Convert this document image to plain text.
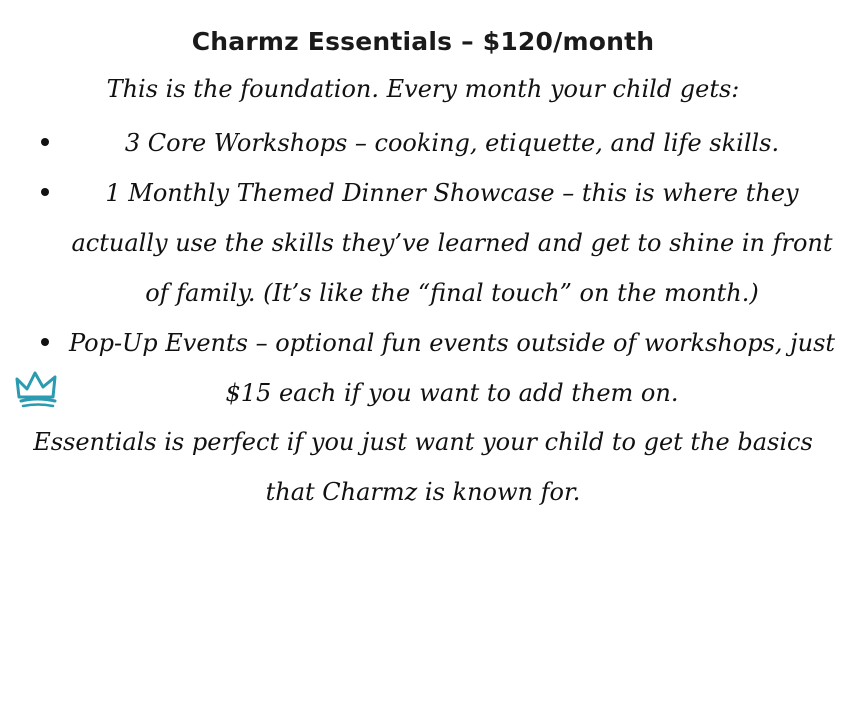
Charmz Essentials – $120/month
This is the foundation. Every month your child gets:
3 Core Workshops – cooking, etiquette, and life skills.
1 Monthly Themed Dinner Showcase – this is where they actually use the skills they’ve learned and get to shine in front of family. (It’s like the “final touch” on the month.)
Pop-Up Events – optional fun events outside of workshops, just $15 each if you want to add them on.
Essentials is perfect if you just want your child to get the basics that Charmz is known for.
